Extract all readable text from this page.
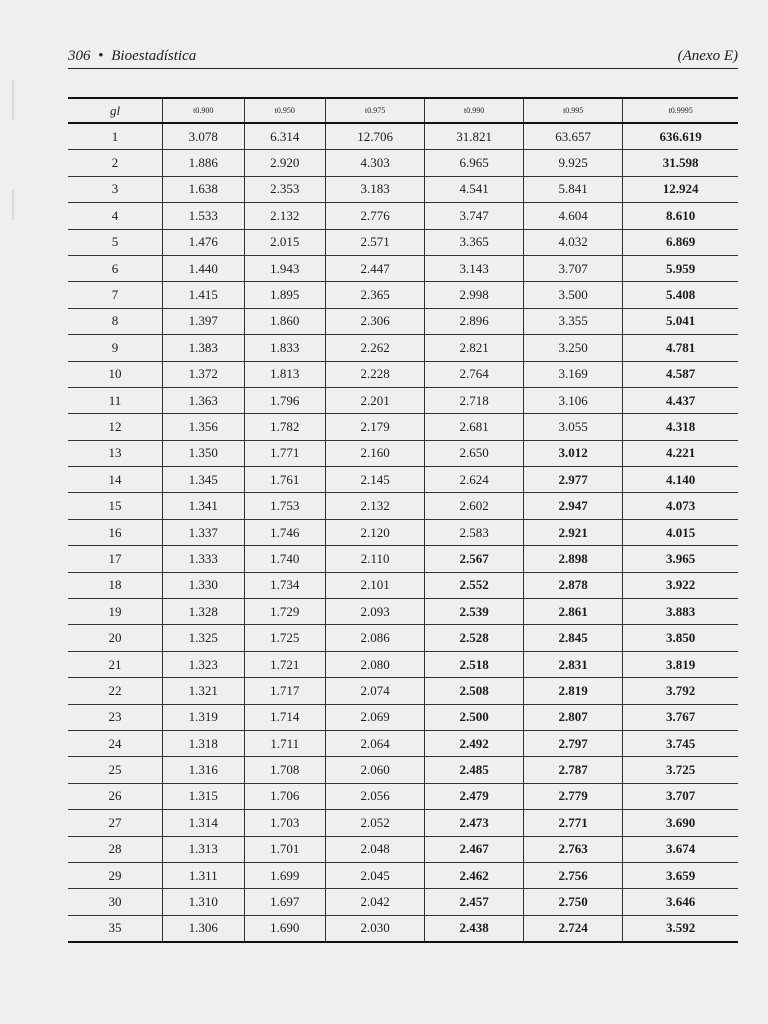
306 • Bioestadística	(Anexo E)
gl	t0.900	t0.950	t0.975	t0.990	t0.995	t0.9995
1	3.078	6.314	12.706	31.821	63.657	636.619
2	1.886	2.920	4.303	6.965	9.925	31.598
3	1.638	2.353	3.183	4.541	5.841	12.924
4	1.533	2.132	2.776	3.747	4.604	8.610
5	1.476	2.015	2.571	3.365	4.032	6.869
6	1.440	1.943	2.447	3.143	3.707	5.959
7	1.415	1.895	2.365	2.998	3.500	5.408
8	1.397	1.860	2.306	2.896	3.355	5.041
9	1.383	1.833	2.262	2.821	3.250	4.781
10	1.372	1.813	2.228	2.764	3.169	4.587
11	1.363	1.796	2.201	2.718	3.106	4.437
12	1.356	1.782	2.179	2.681	3.055	4.318
13	1.350	1.771	2.160	2.650	3.012	4.221
14	1.345	1.761	2.145	2.624	2.977	4.140
15	1.341	1.753	2.132	2.602	2.947	4.073
16	1.337	1.746	2.120	2.583	2.921	4.015
17	1.333	1.740	2.110	2.567	2.898	3.965
18	1.330	1.734	2.101	2.552	2.878	3.922
19	1.328	1.729	2.093	2.539	2.861	3.883
20	1.325	1.725	2.086	2.528	2.845	3.850
21	1.323	1.721	2.080	2.518	2.831	3.819
22	1.321	1.717	2.074	2.508	2.819	3.792
23	1.319	1.714	2.069	2.500	2.807	3.767
24	1.318	1.711	2.064	2.492	2.797	3.745
25	1.316	1.708	2.060	2.485	2.787	3.725
26	1.315	1.706	2.056	2.479	2.779	3.707
27	1.314	1.703	2.052	2.473	2.771	3.690
28	1.313	1.701	2.048	2.467	2.763	3.674
29	1.311	1.699	2.045	2.462	2.756	3.659
30	1.310	1.697	2.042	2.457	2.750	3.646
35	1.306	1.690	2.030	2.438	2.724	3.592
